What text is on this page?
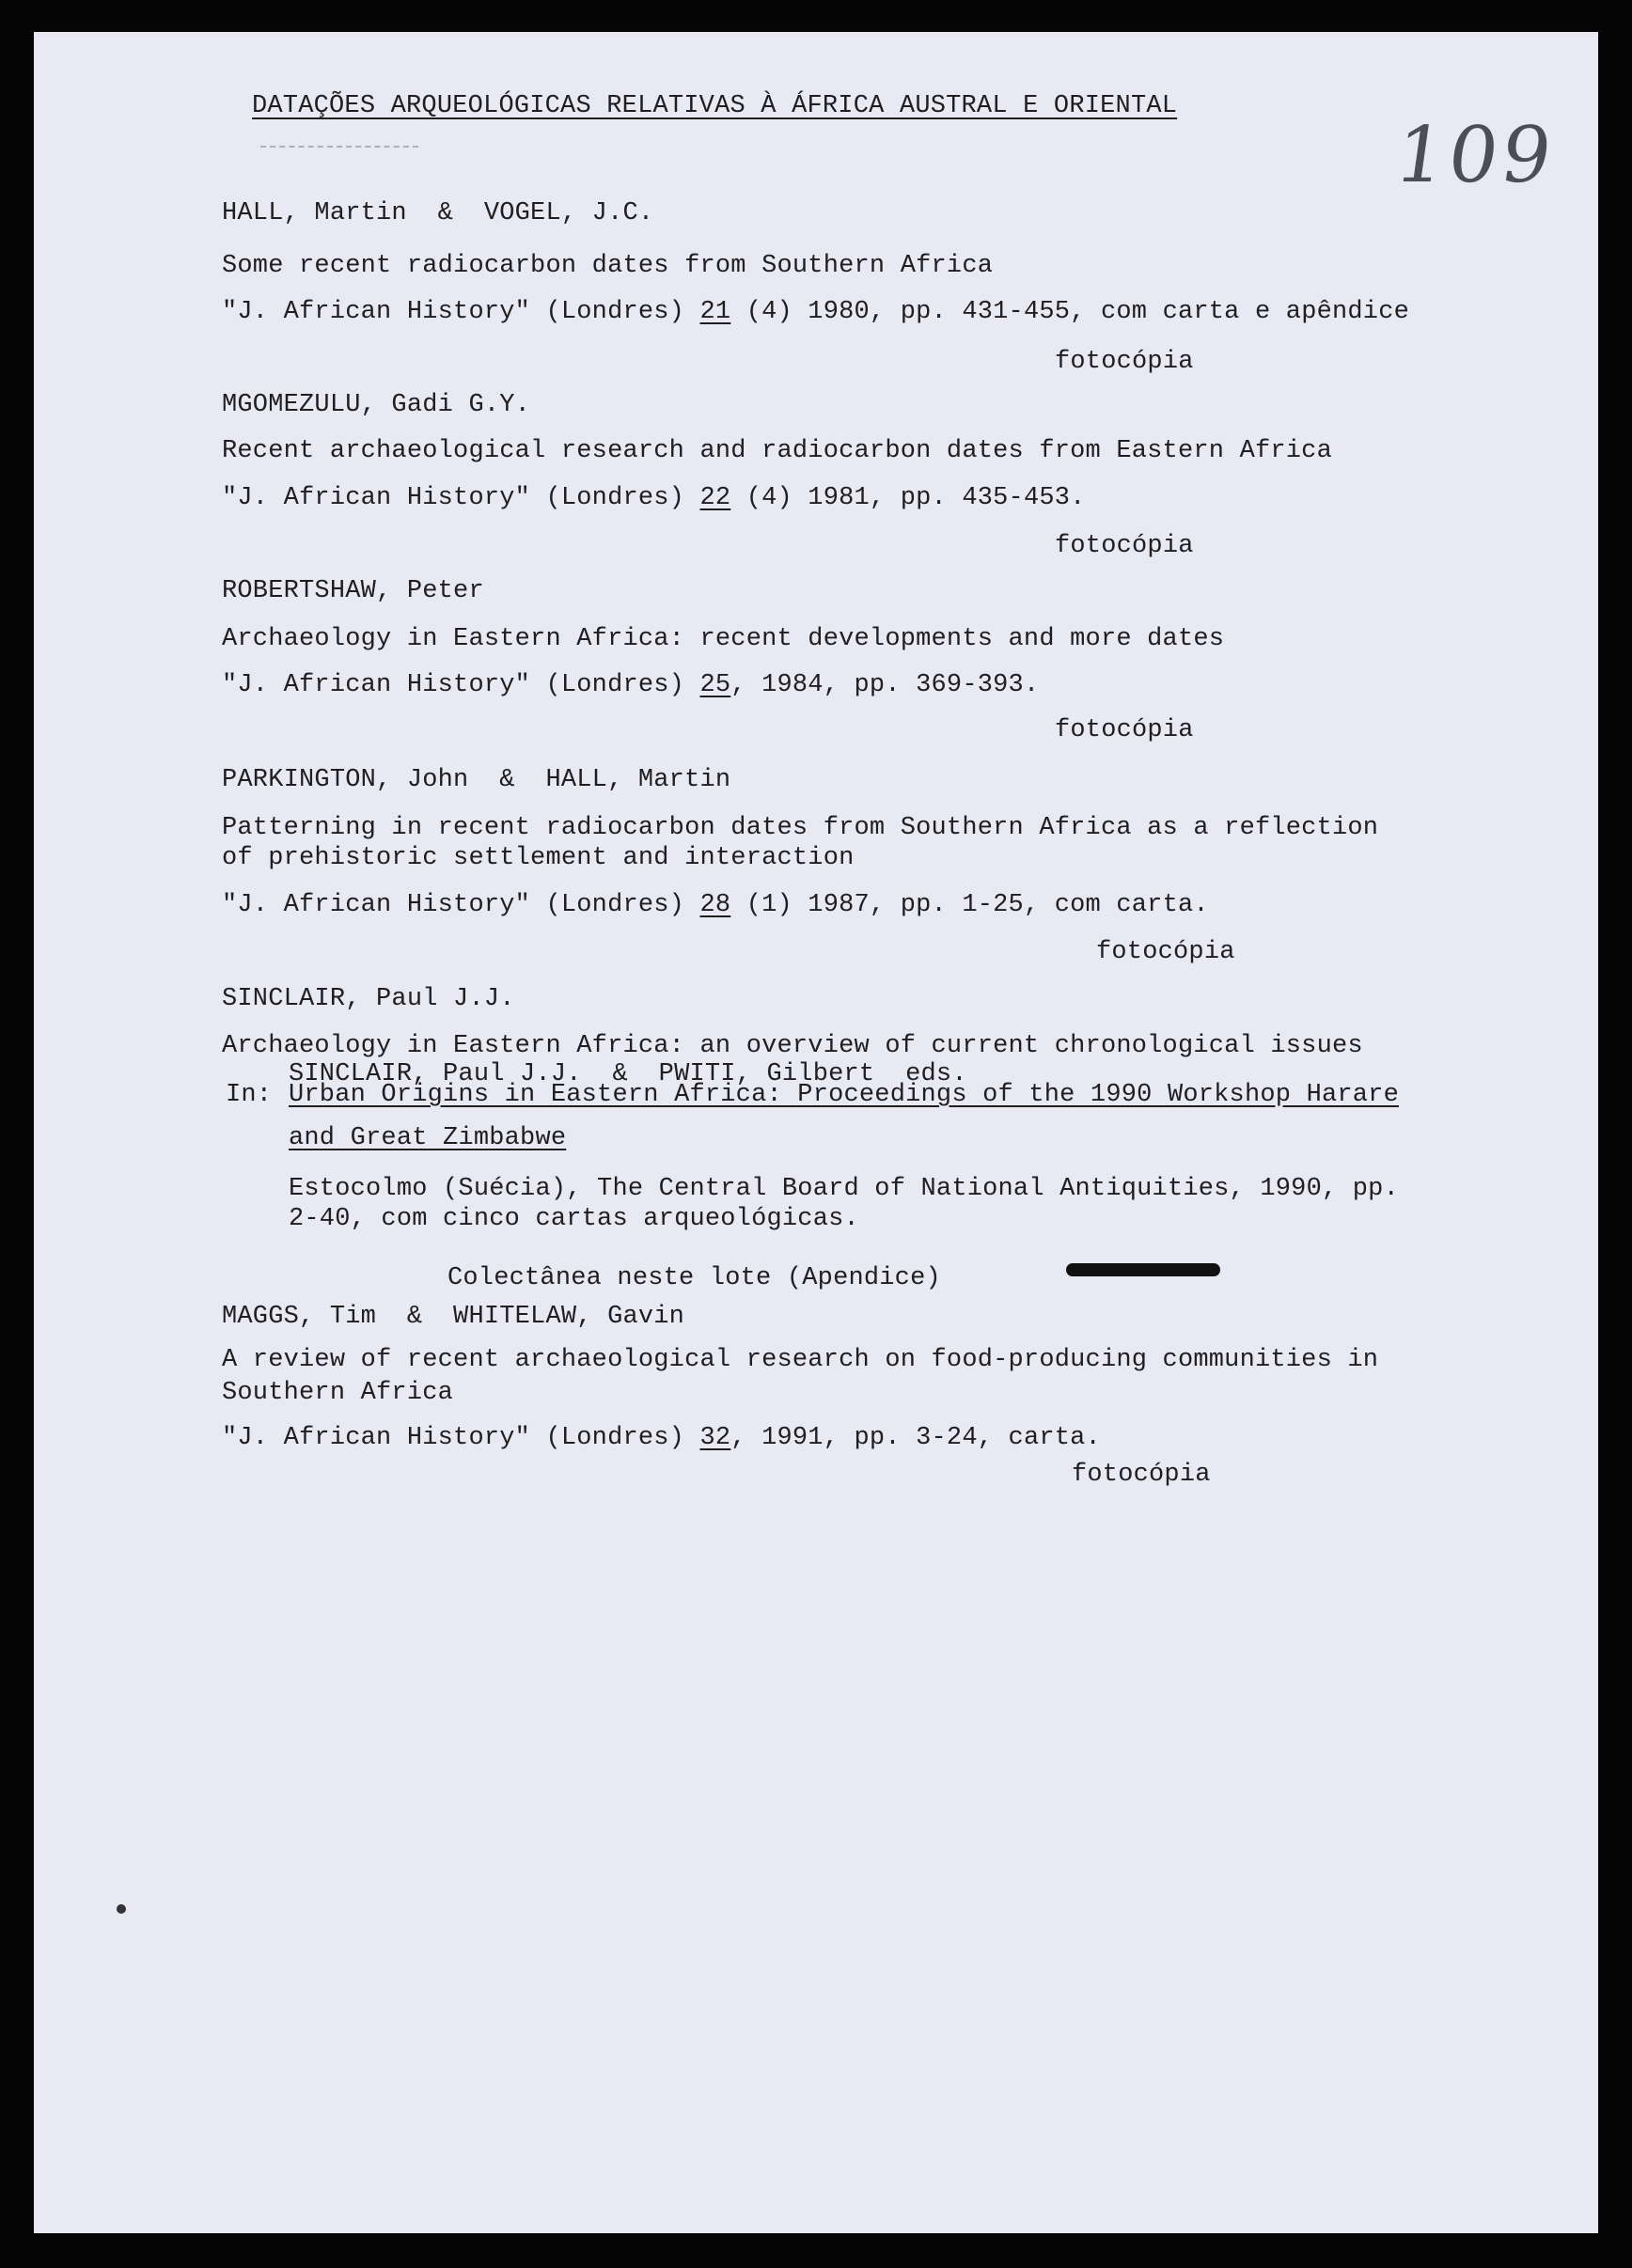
DATAÇÕES ARQUEOLÓGICAS RELATIVAS À ÁFRICA AUSTRAL E ORIENTAL
109
HALL, Martin  &  VOGEL, J.C.
Some recent radiocarbon dates from Southern Africa
"J. African History" (Londres) 21 (4) 1980, pp. 431-455, com carta e apêndice
fotocópia
MGOMEZULU, Gadi G.Y.
Recent archaeological research and radiocarbon dates from Eastern Africa
"J. African History" (Londres) 22 (4) 1981, pp. 435-453.
fotocópia
ROBERTSHAW, Peter
Archaeology in Eastern Africa: recent developments and more dates
"J. African History" (Londres) 25, 1984, pp. 369-393.
fotocópia
PARKINGTON, John  &  HALL, Martin
Patterning in recent radiocarbon dates from Southern Africa as a reflection
of prehistoric settlement and interaction
"J. African History" (Londres) 28 (1) 1987, pp. 1-25, com carta.
fotocópia
SINCLAIR, Paul J.J.
Archaeology in Eastern Africa: an overview of current chronological issues
SINCLAIR, Paul J.J.  &  PWITI, Gilbert  eds.
In: Urban Origins in Eastern Africa: Proceedings of the 1990 Workshop Harare
and Great Zimbabwe
Estocolmo (Suécia), The Central Board of National Antiquities, 1990, pp.
2-40, com cinco cartas arqueológicas.
Colectânea neste lote (Apendice)
MAGGS, Tim  &  WHITELAW, Gavin
A review of recent archaeological research on food-producing communities in
Southern Africa
"J. African History" (Londres) 32, 1991, pp. 3-24, carta.
fotocópia
